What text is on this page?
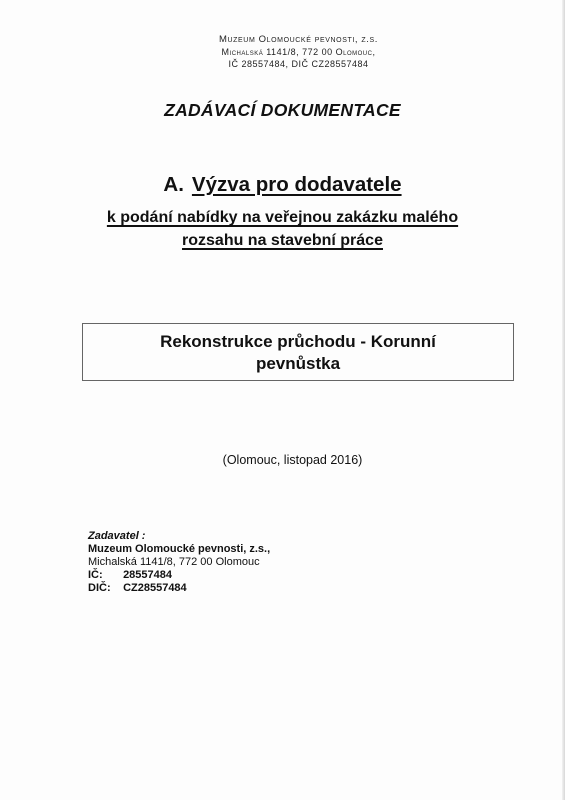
Muzeum Olomoucké pevnosti, z.s.
Michalská 1141/8, 772 00 Olomouc,
IČ 28557484, DIČ CZ28557484
ZADÁVACÍ DOKUMENTACE
A. Výzva pro dodavatele
k podání nabídky na veřejnou zakázku malého
rozsahu na stavební práce
Rekonstrukce průchodu - Korunní
pevnůstka
(Olomouc, listopad 2016)
Zadavatel :
Muzeum Olomoucké pevnosti, z.s.,
Michalská 1141/8, 772 00 Olomouc
IČ: 28557484
DIČ: CZ28557484
